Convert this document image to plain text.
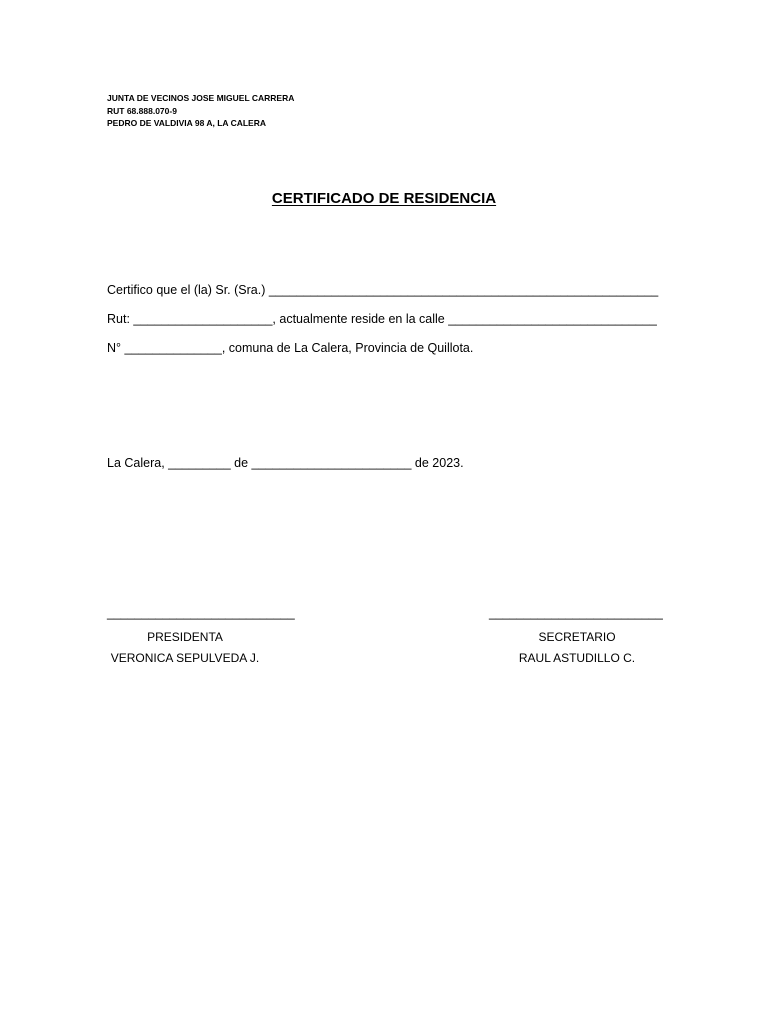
JUNTA DE VECINOS JOSE MIGUEL CARRERA
RUT 68.888.070-9
PEDRO DE VALDIVIA 98 A, LA CALERA
CERTIFICADO DE RESIDENCIA
Certifico que el (la) Sr. (Sra.) ________________________________________________________
Rut: ____________________, actualmente reside en la calle ______________________________
N° ______________, comuna de La Calera, Provincia de Quillota.
La Calera, _________ de _______________________ de 2023.
___________________________	_________________________
PRESIDENTA
VERONICA SEPULVEDA J.
SECRETARIO
RAUL ASTUDILLO C.
